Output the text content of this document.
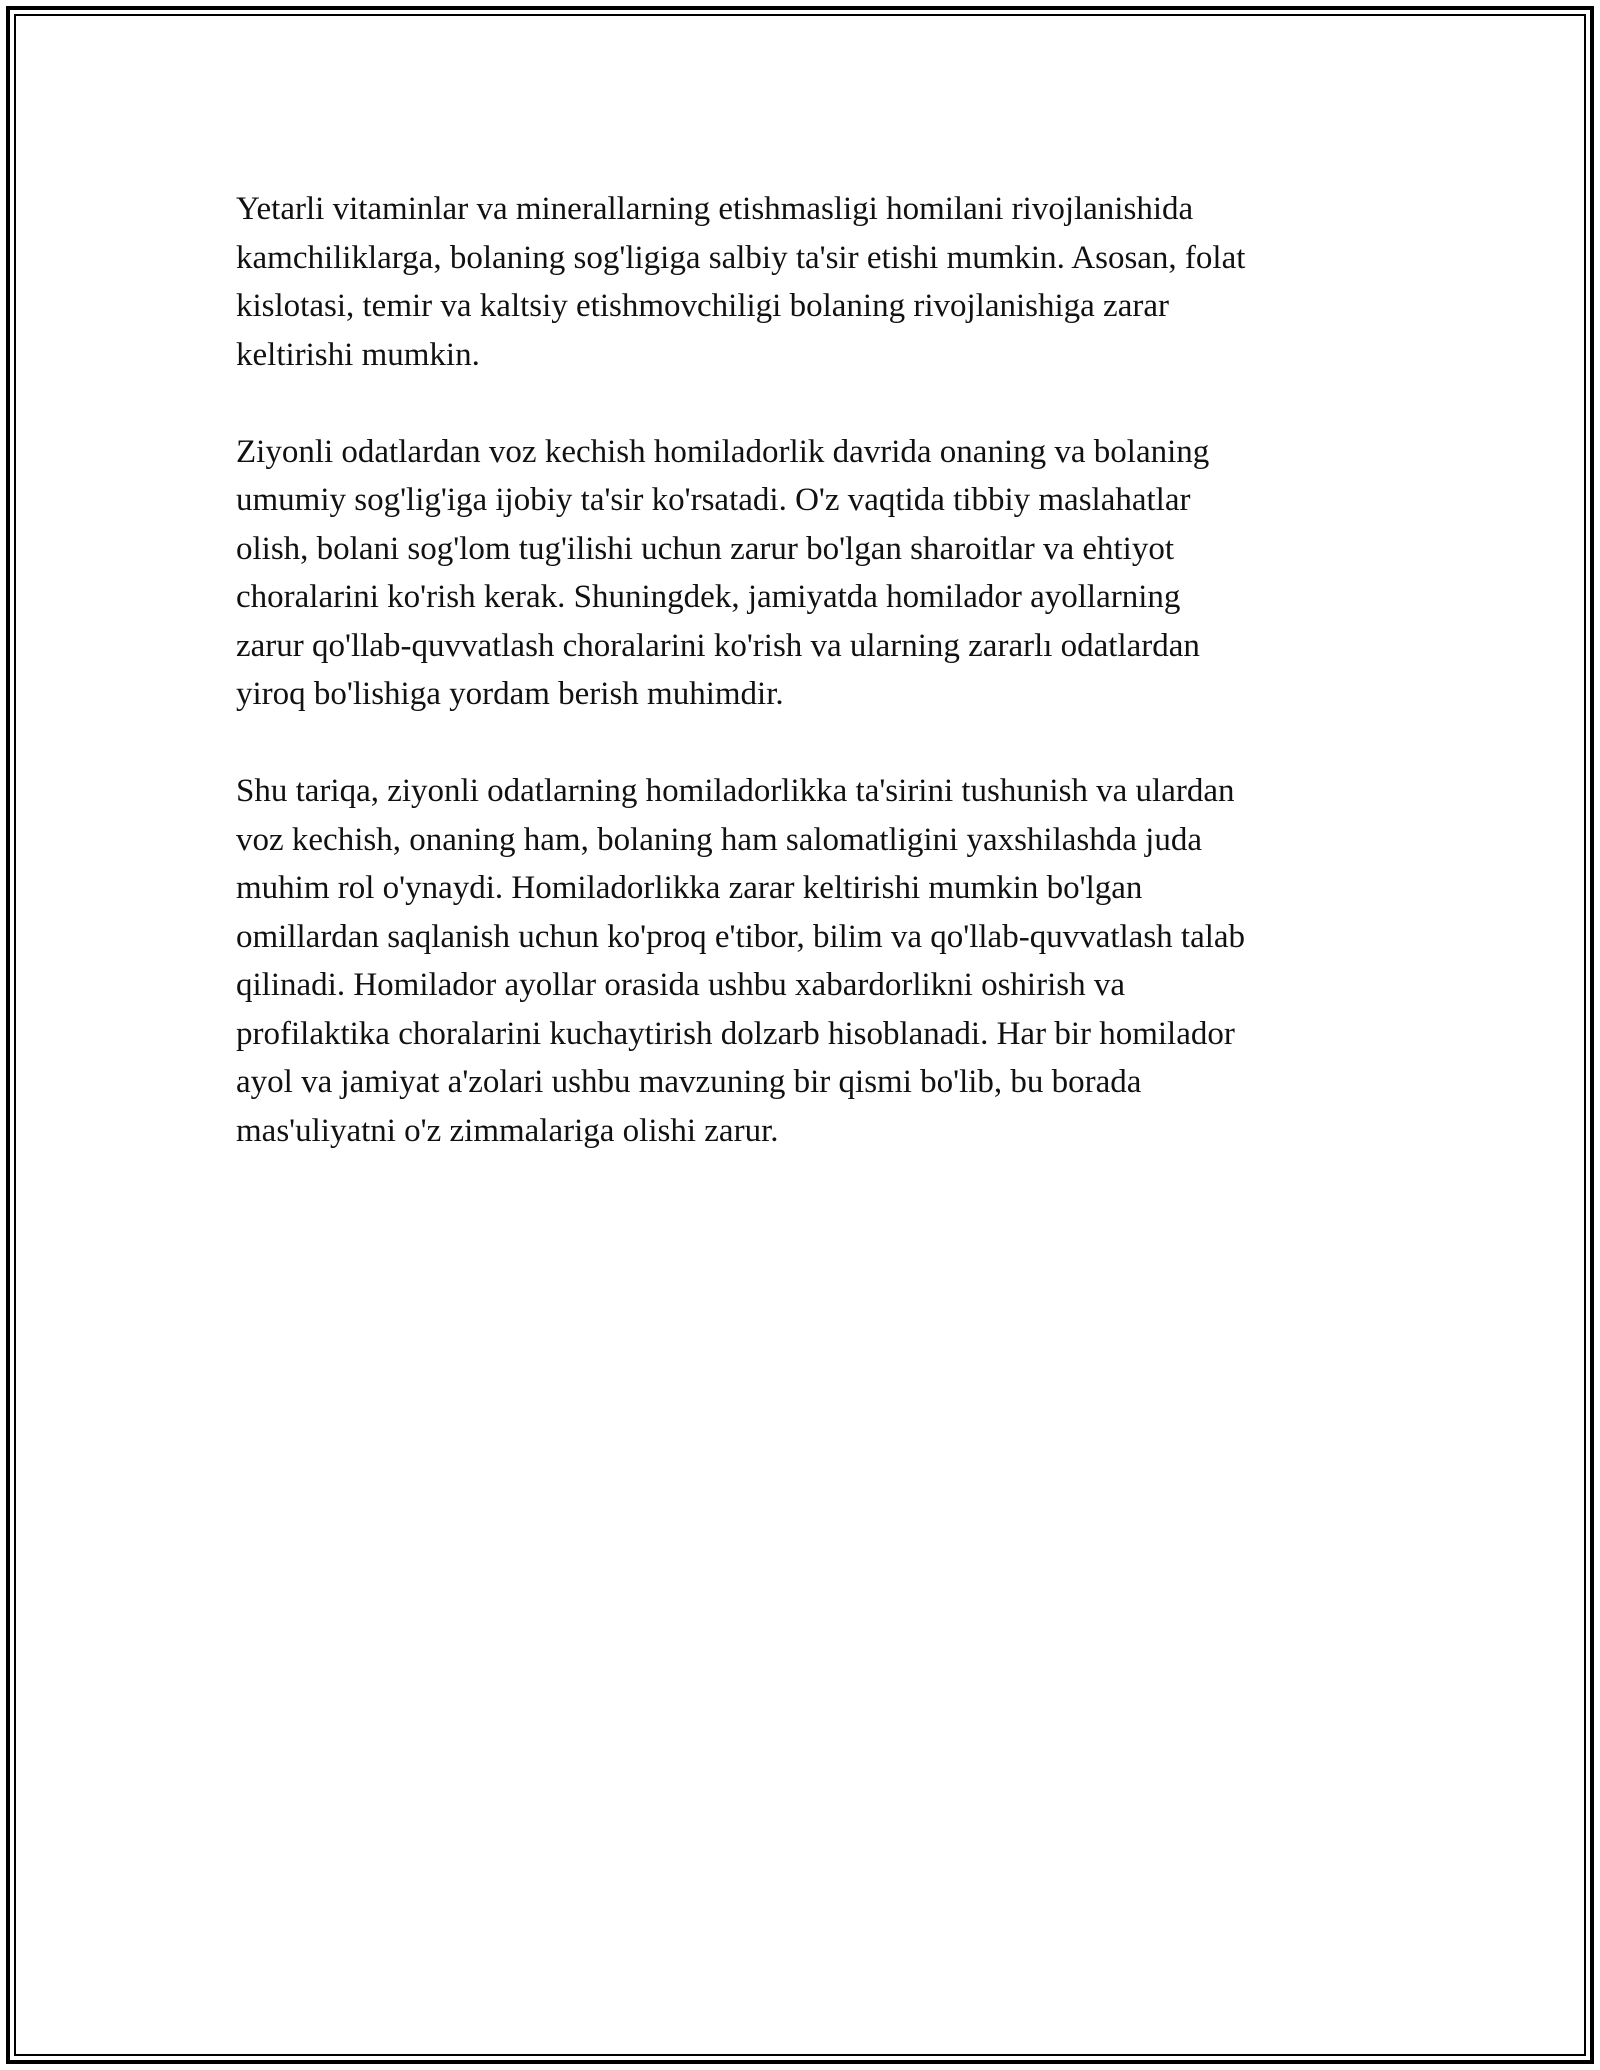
Yetarli vitaminlar va minerallarning etishmasligi homilani rivojlanishida
kamchiliklarga, bolaning sog'ligiga salbiy ta'sir etishi mumkin. Asosan, folat
kislotasi, temir va kaltsiy etishmovchiligi bolaning rivojlanishiga zarar
keltirishi mumkin.

Ziyonli odatlardan voz kechish homiladorlik davrida onaning va bolaning
umumiy sog'lig'iga ijobiy ta'sir ko'rsatadi. O'z vaqtida tibbiy maslahatlar
olish, bolani sog'lom tug'ilishi uchun zarur bo'lgan sharoitlar va ehtiyot
choralarini ko'rish kerak. Shuningdek, jamiyatda homilador ayollarning
zarur qo'llab-quvvatlash choralarini ko'rish va ularning zararlı odatlardan
yiroq bo'lishiga yordam berish muhimdir.

Shu tariqa, ziyonli odatlarning homiladorlikka ta'sirini tushunish va ulardan
voz kechish, onaning ham, bolaning ham salomatligini yaxshilashda juda
muhim rol o'ynaydi. Homiladorlikka zarar keltirishi mumkin bo'lgan
omillardan saqlanish uchun ko'proq e'tibor, bilim va qo'llab-quvvatlash talab
qilinadi. Homilador ayollar orasida ushbu xabardorlikni oshirish va
profilaktika choralarini kuchaytirish dolzarb hisoblanadi. Har bir homilador
ayol va jamiyat a'zolari ushbu mavzuning bir qismi bo'lib, bu borada
mas'uliyatni o'z zimmalariga olishi zarur.
